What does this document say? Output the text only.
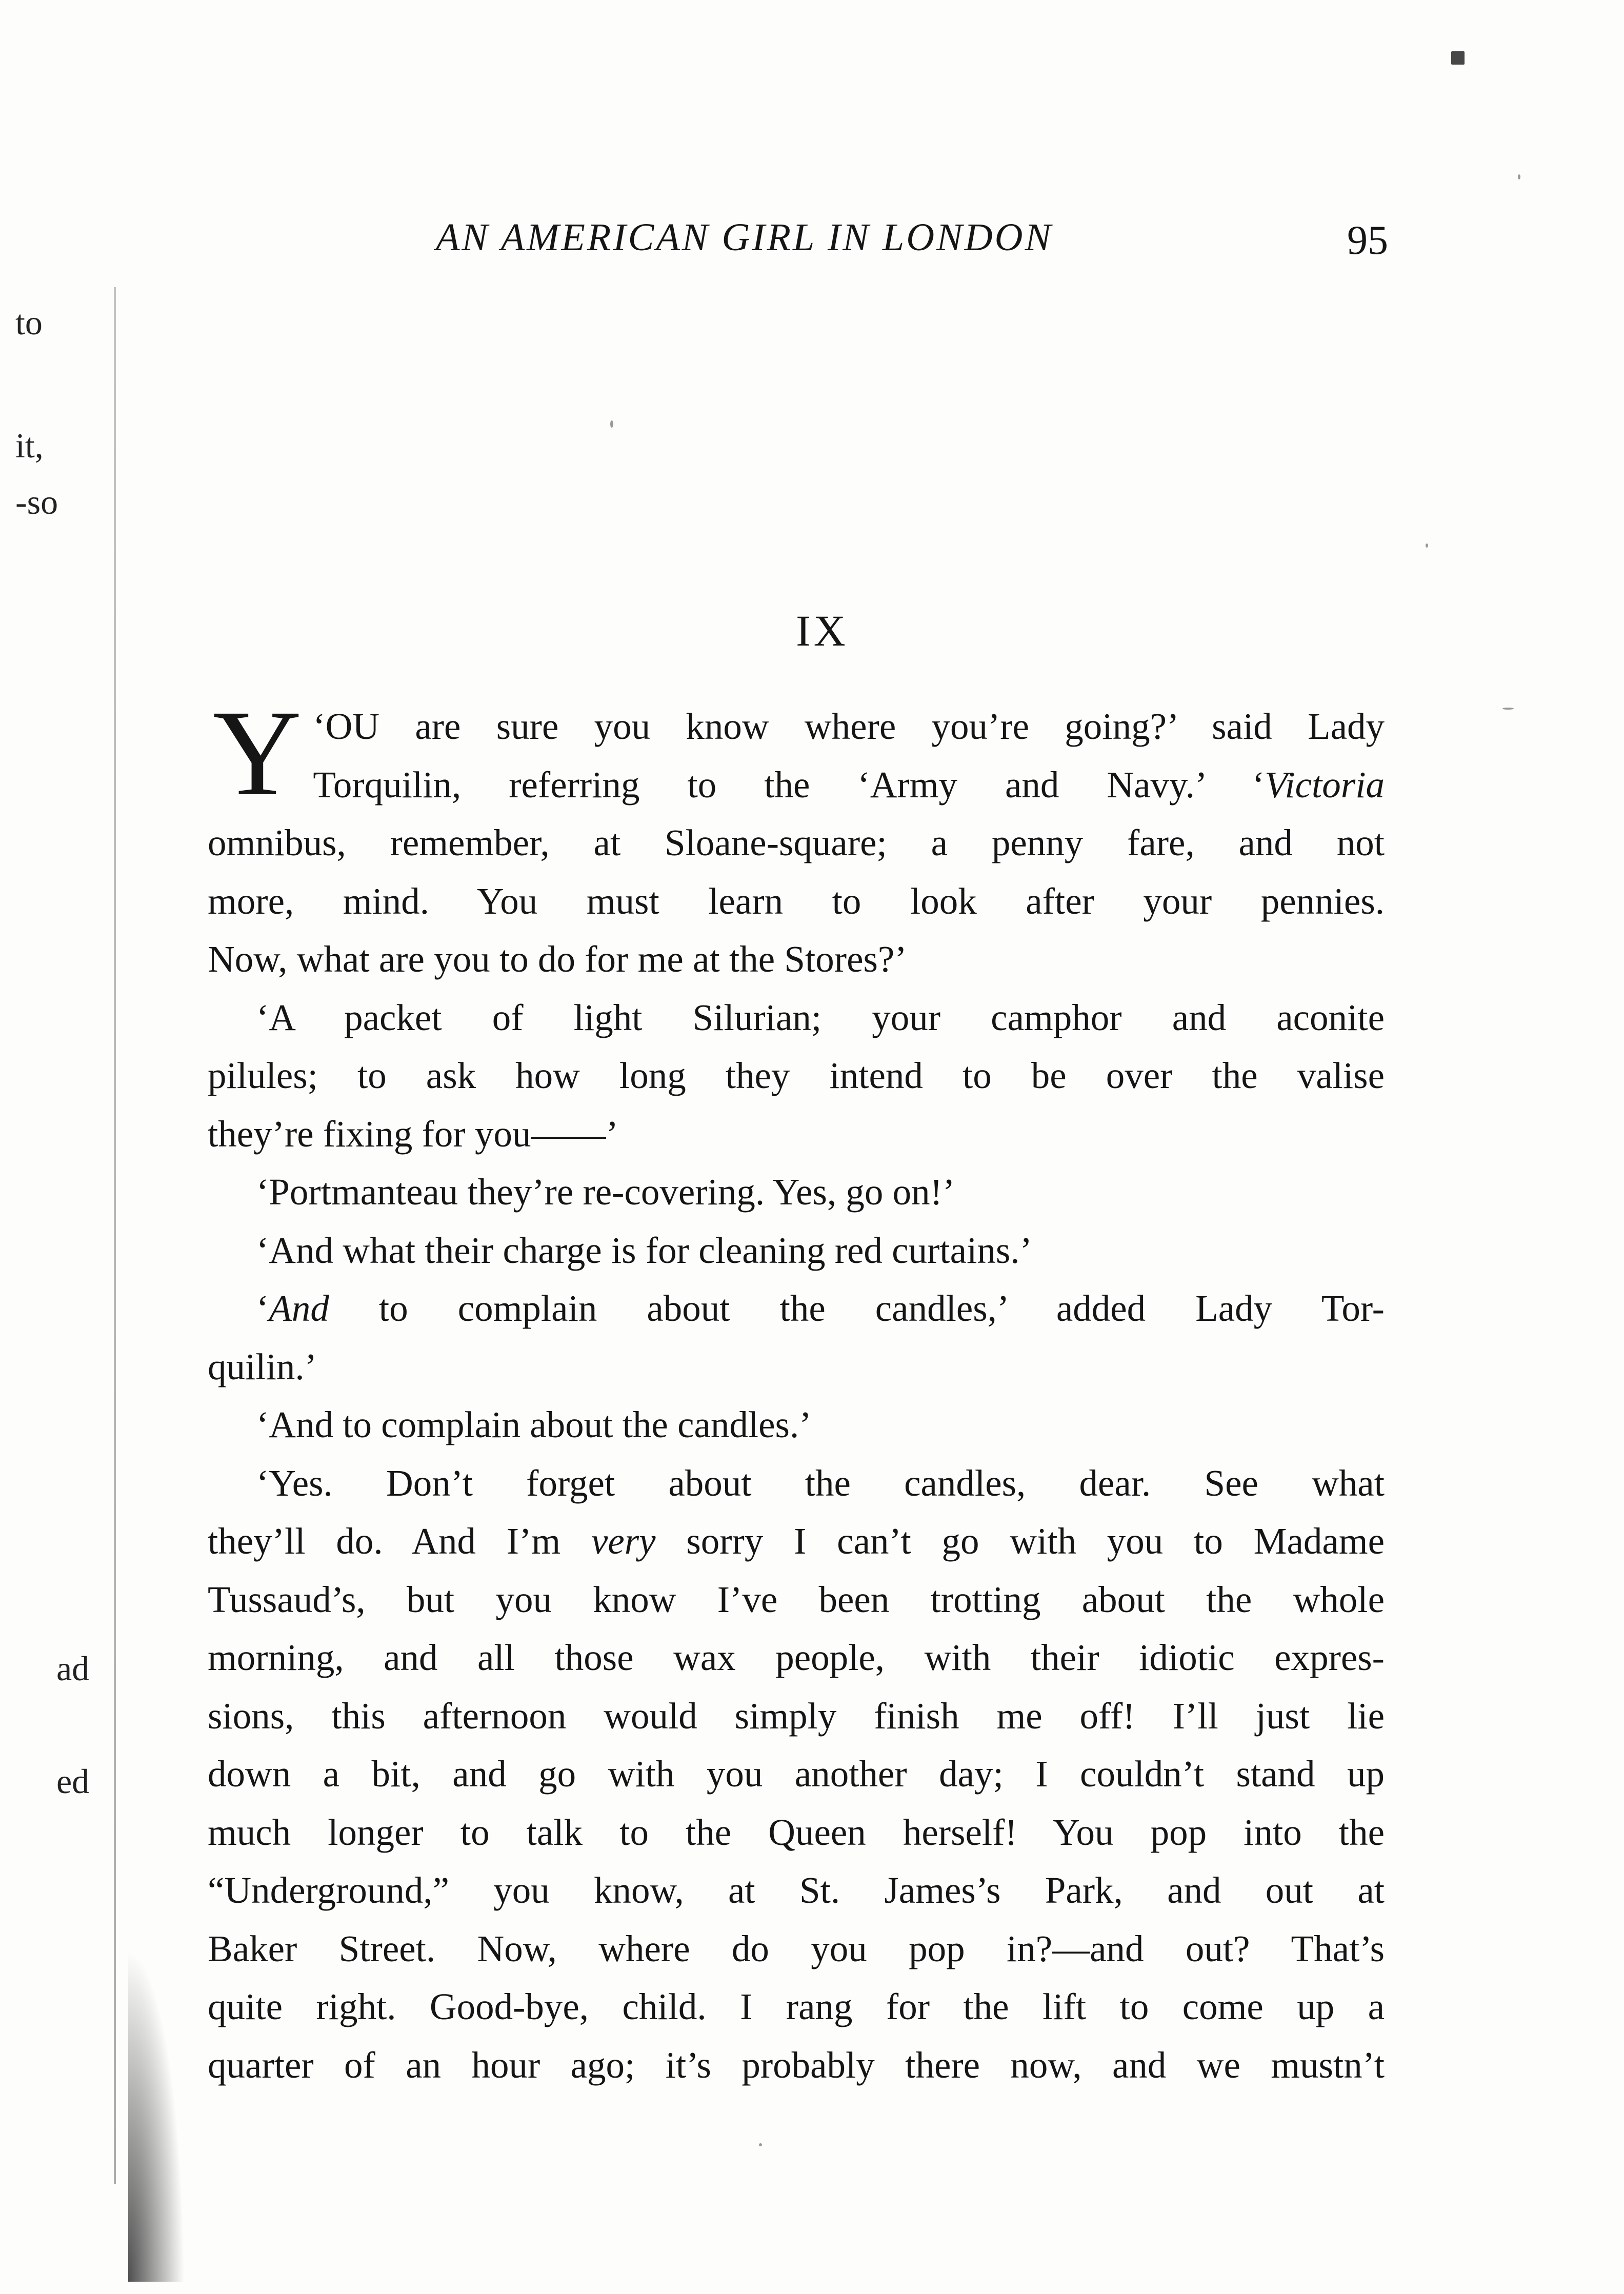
to
it,
-so
ad
ed
AN AMERICAN GIRL IN LONDON	95
IX

Y ‘OU are sure you know where you’re going?’ said Lady
Torquilin, referring to the ‘Army and Navy.’ ‘Victoria
omnibus, remember, at Sloane-square; a penny fare, and not
more, mind. You must learn to look after your pennies.
Now, what are you to do for me at the Stores?’

‘A packet of light Silurian; your camphor and aconite
pilules; to ask how long they intend to be over the valise
they’re fixing for you——’

‘Portmanteau they’re re-covering. Yes, go on!’

‘And what their charge is for cleaning red curtains.’

‘And to complain about the candles,’ added Lady Tor-
quilin.’

‘And to complain about the candles.’

‘Yes. Don’t forget about the candles, dear. See what
they’ll do. And I’m very sorry I can’t go with you to Madame
Tussaud’s, but you know I’ve been trotting about the whole
morning, and all those wax people, with their idiotic expres-
sions, this afternoon would simply finish me off! I’ll just lie
down a bit, and go with you another day; I couldn’t stand up
much longer to talk to the Queen herself! You pop into the
“Underground,” you know, at St. James’s Park, and out at
Baker Street. Now, where do you pop in?—and out? That’s
quite right. Good-bye, child. I rang for the lift to come up a
quarter of an hour ago; it’s probably there now, and we mustn’t
